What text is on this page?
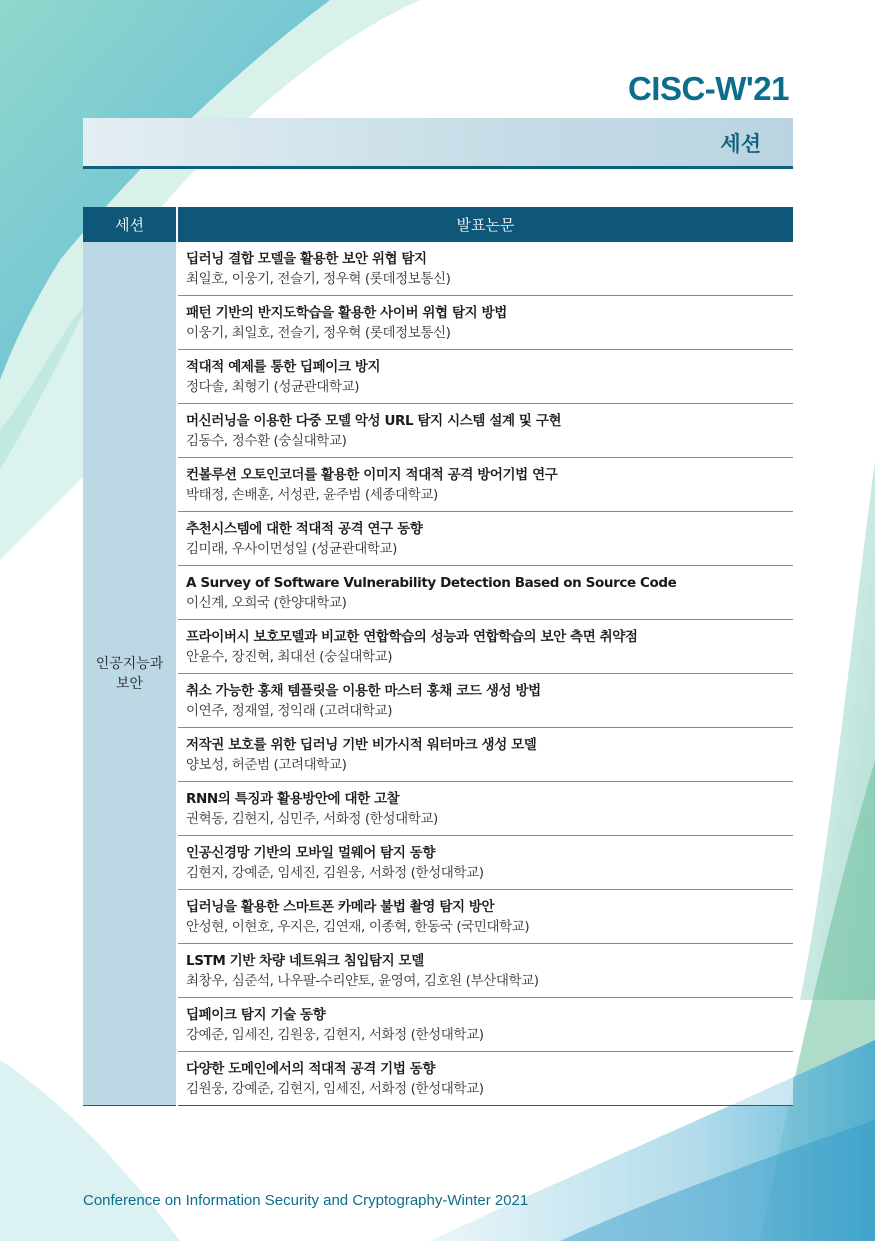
CISC-W'21
세션
세션	발표논문
인공지능과
보안	딥러닝 결합 모델을 활용한 보안 위협 탐지
최일호, 이웅기, 전슬기, 정우혁 (롯데정보통신)

	패턴 기반의 반지도학습을 활용한 사이버 위협 탐지 방법
이웅기, 최일호, 전슬기, 정우혁 (롯데정보통신)

	적대적 예제를 통한 딥페이크 방지
정다솔, 최형기 (성균관대학교)

	머신러닝을 이용한 다중 모델 악성 URL 탐지 시스템 설계 및 구현
김동수, 정수환 (숭실대학교)

	컨볼루션 오토인코더를 활용한 이미지 적대적 공격 방어기법 연구
박태정, 손배훈, 서성관, 윤주범 (세종대학교)

	추천시스템에 대한 적대적 공격 연구 동향
김미래, 우사이먼성일 (성균관대학교)

	A Survey of Software Vulnerability Detection Based on Source Code
이신계, 오희국 (한양대학교)

	프라이버시 보호모델과 비교한 연합학습의 성능과 연합학습의 보안 측면 취약점
안윤수, 장진혁, 최대선 (숭실대학교)

	취소 가능한 홍채 템플릿을 이용한 마스터 홍채 코드 생성 방법
이연주, 정재열, 정익래 (고려대학교)

	저작권 보호를 위한 딥러닝 기반 비가시적 워터마크 생성 모델
양보성, 허준범 (고려대학교)

	RNN의 특징과 활용방안에 대한 고찰
권혁동, 김현지, 심민주, 서화정 (한성대학교)

	인공신경망 기반의 모바일 멀웨어 탐지 동향
김현지, 강예준, 임세진, 김원웅, 서화정 (한성대학교)

	딥러닝을 활용한 스마트폰 카메라 불법 촬영 탐지 방안
안성현, 이현호, 우지은, 김연재, 이종혁, 한동국 (국민대학교)

	LSTM 기반 차량 네트워크 침입탐지 모델
최창우, 심준석, 나우팔-수리얀토, 윤영여, 김호원 (부산대학교)

	딥페이크 탐지 기술 동향
강예준, 임세진, 김원웅, 김현지, 서화정 (한성대학교)

	다양한 도메인에서의 적대적 공격 기법 동향
김원웅, 강예준, 김현지, 임세진, 서화정 (한성대학교)
Conference on Information Security and Cryptography-Winter 2021
